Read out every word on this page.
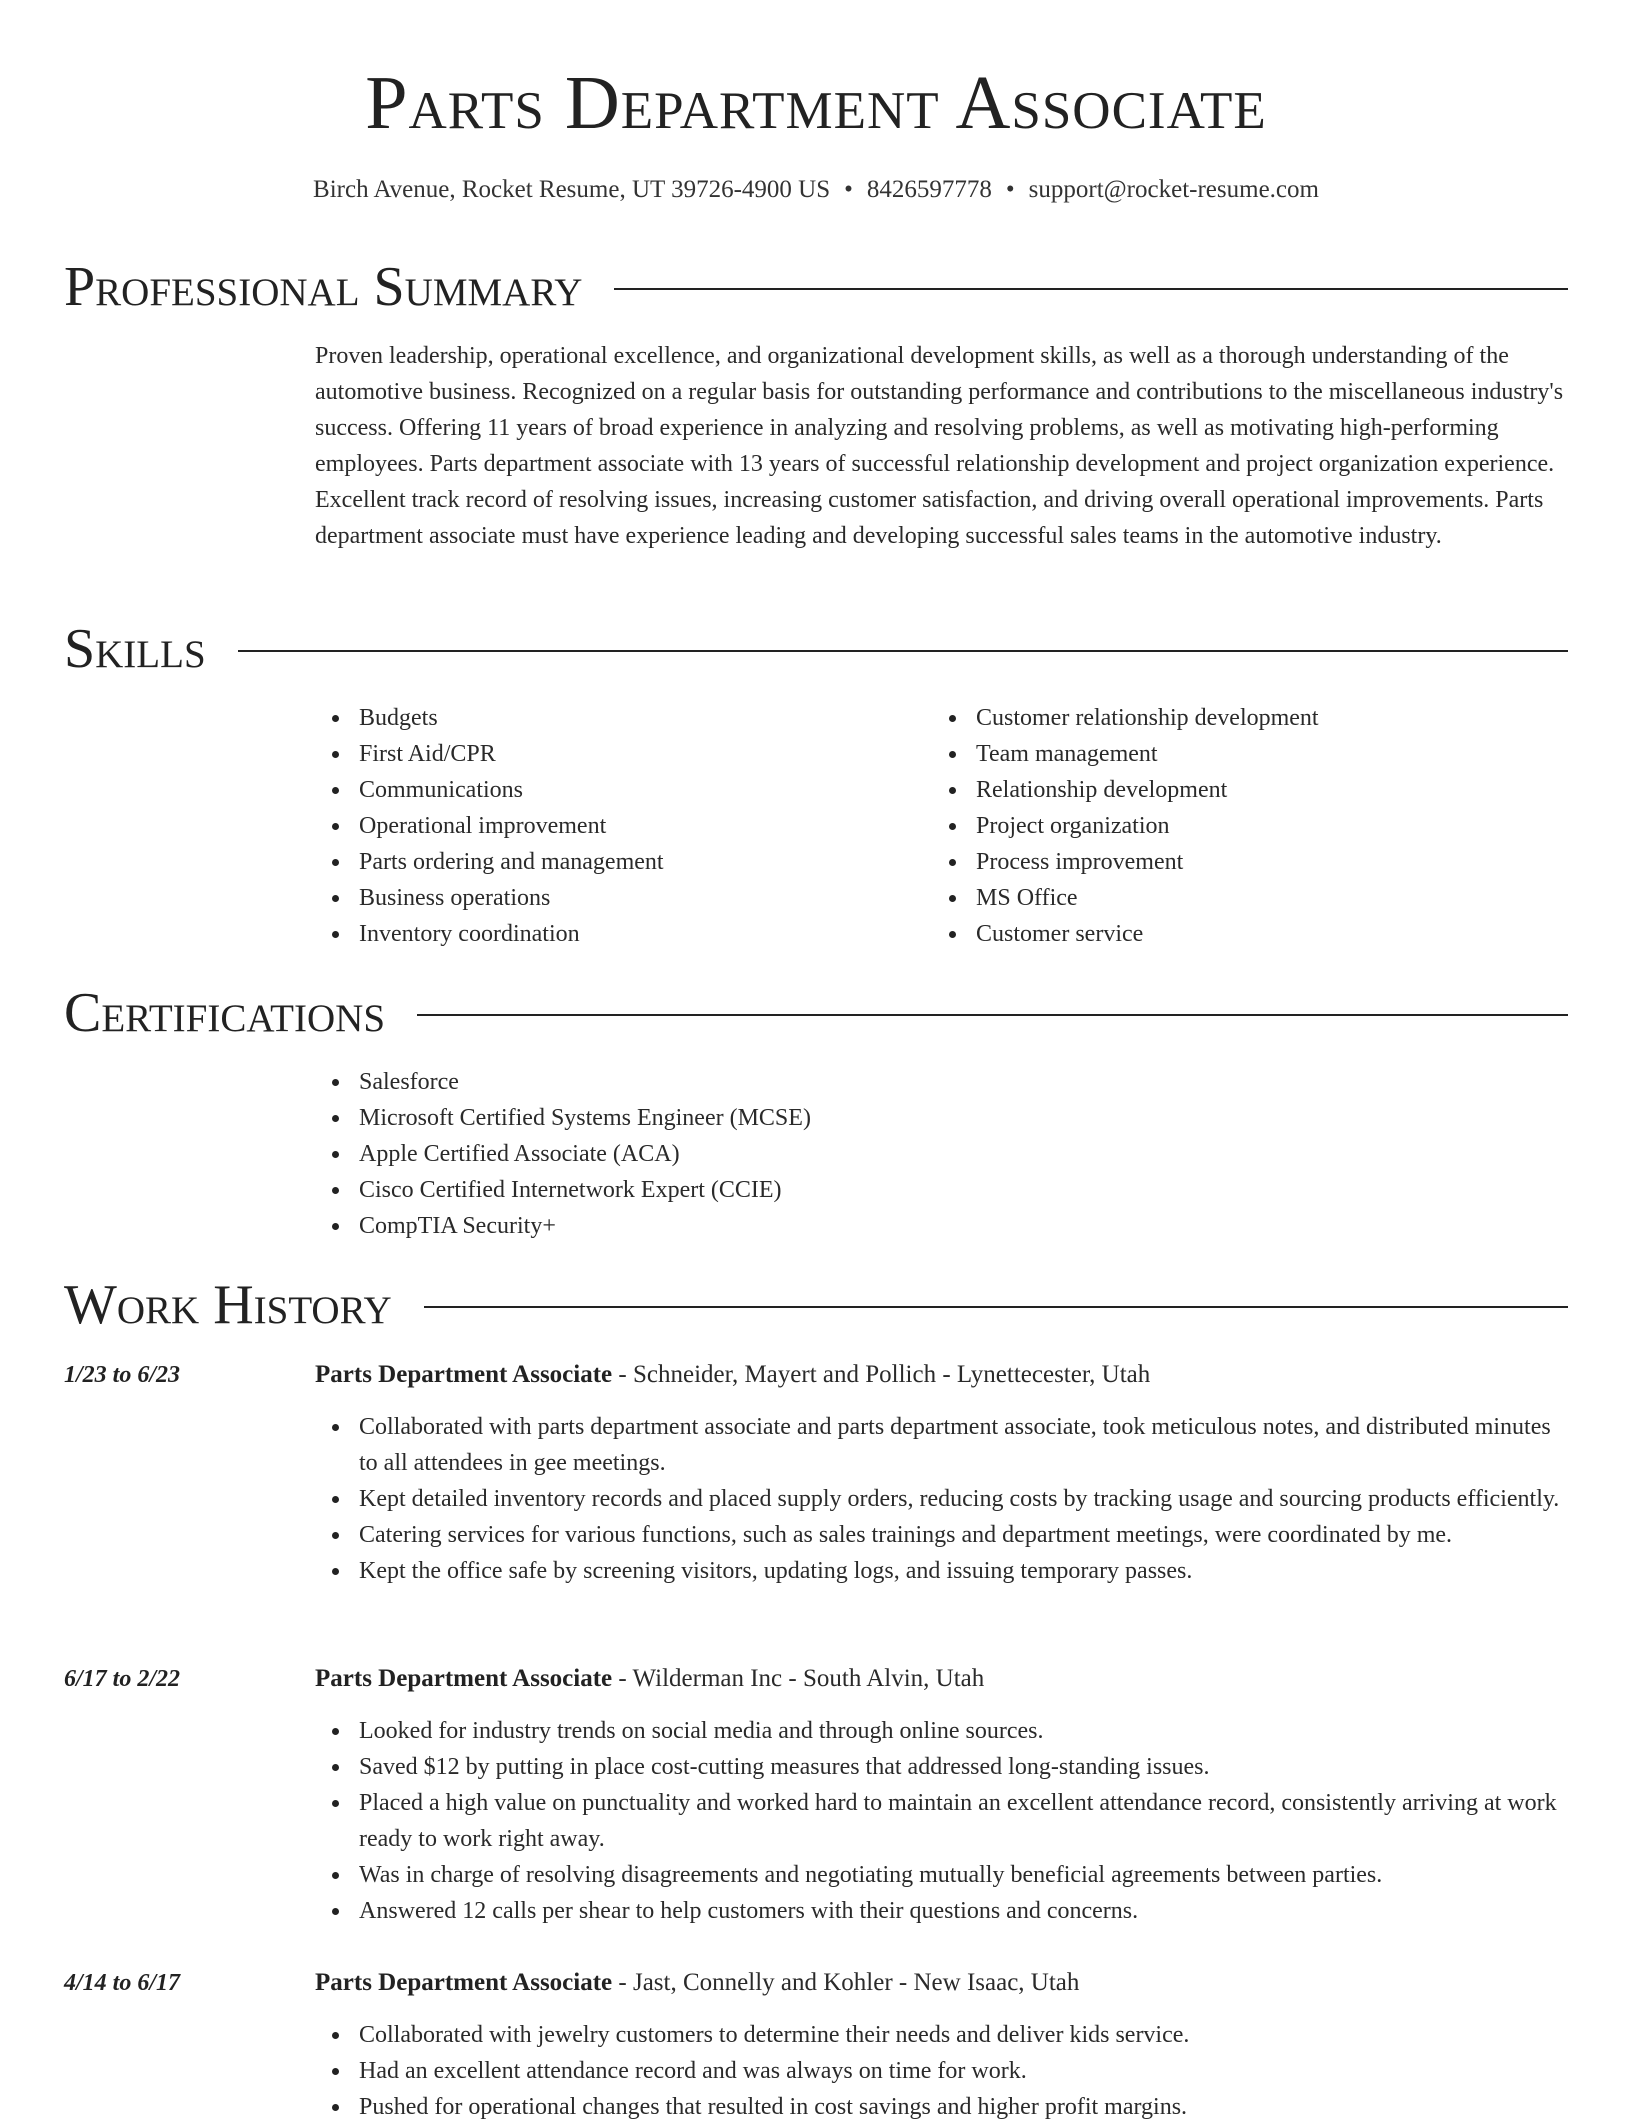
Parts Department Associate
Birch Avenue, Rocket Resume, UT 39726-4900 US • 8426597778 • support@rocket-resume.com
Professional Summary

Proven leadership, operational excellence, and organizational development skills, as well as a thorough understanding of the automotive business. Recognized on a regular basis for outstanding performance and contributions to the miscellaneous industry's success. Offering 11 years of broad experience in analyzing and resolving problems, as well as motivating high-performing employees. Parts department associate with 13 years of successful relationship development and project organization experience. Excellent track record of resolving issues, increasing customer satisfaction, and driving overall operational improvements. Parts department associate must have experience leading and developing successful sales teams in the automotive industry.

Skills
Budgets
First Aid/CPR
Communications
Operational improvement
Parts ordering and management
Business operations
Inventory coordination
Customer relationship development
Team management
Relationship development
Project organization
Process improvement
MS Office
Customer service
Certifications
Salesforce
Microsoft Certified Systems Engineer (MCSE)
Apple Certified Associate (ACA)
Cisco Certified Internetwork Expert (CCIE)
CompTIA Security+
Work History
1/23 to 6/23	Parts Department Associate - Schneider, Mayert and Pollich - Lynettecester, Utah
Collaborated with parts department associate and parts department associate, took meticulous notes, and distributed minutes to all attendees in gee meetings.
Kept detailed inventory records and placed supply orders, reducing costs by tracking usage and sourcing products efficiently.
Catering services for various functions, such as sales trainings and department meetings, were coordinated by me.
Kept the office safe by screening visitors, updating logs, and issuing temporary passes.
6/17 to 2/22	Parts Department Associate - Wilderman Inc - South Alvin, Utah
Looked for industry trends on social media and through online sources.
Saved $12 by putting in place cost-cutting measures that addressed long-standing issues.
Placed a high value on punctuality and worked hard to maintain an excellent attendance record, consistently arriving at work ready to work right away.
Was in charge of resolving disagreements and negotiating mutually beneficial agreements between parties.
Answered 12 calls per shear to help customers with their questions and concerns.
4/14 to 6/17	Parts Department Associate - Jast, Connelly and Kohler - New Isaac, Utah
Collaborated with jewelry customers to determine their needs and deliver kids service.
Had an excellent attendance record and was always on time for work.
Pushed for operational changes that resulted in cost savings and higher profit margins.
